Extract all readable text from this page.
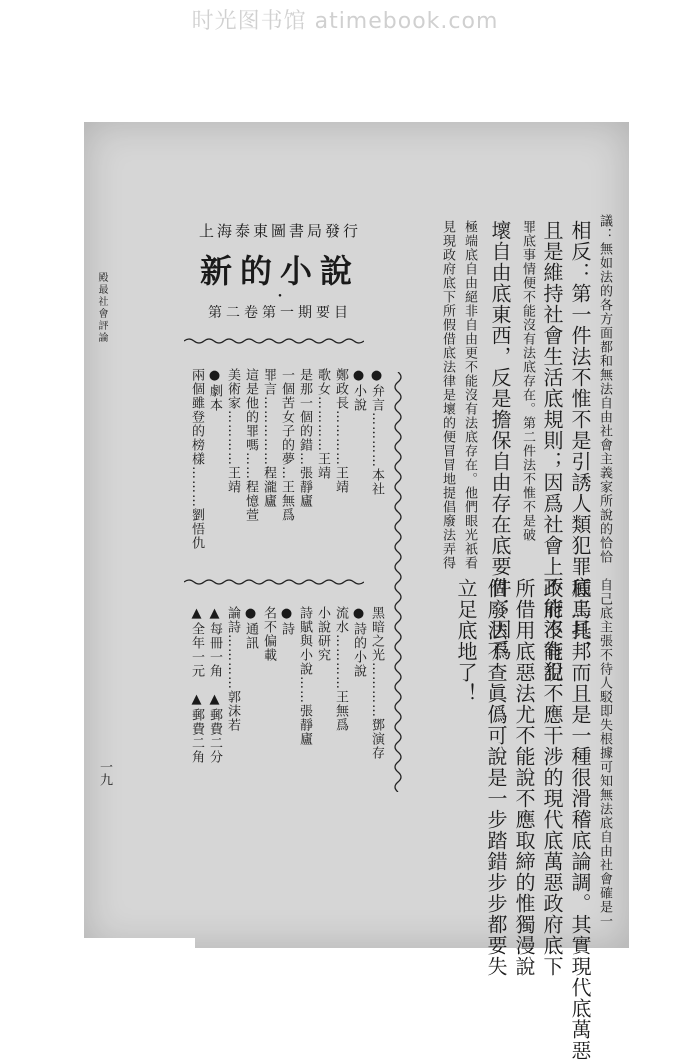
时光图书馆 atimebook.com
殿最社會評論
一九
議：無如法的各方面都和無法自由社會主義家所說的恰恰
相反：第一件法不惟不是引誘人類犯罪底工具，
且是維持社會生活底規則；因爲社會上不能沒有犯
罪底事情便不能沒有法底存在。第二件法不惟不是破
壞自由底東西，反是擔保自由存在底要件；因爲
極端底自由絕非自由更不能沒有法底存在。他們眼光祇看
見現政府底下所假借底法律是壞的便冒冒地提倡廢法弄得
自己底主張不待人駁即失根據可知無法底自由社會確是一
種烏托邦而且是一種很滑稽底論調。其實現代底萬惡
政府不能說不應干涉的現代底萬惡政府底下
所借用底惡法尤不能說不應取締的惟獨漫說
個廢法不查眞僞可說是一步踏錯步步都要失
立足底地了！
上海泰東圖書局發行
新的小說
・
第二卷第一期要目
●弁言…………本社
●小說
鄭政長…………王靖
歌女…………王靖
是那一個的錯…張靜廬
一個苦女子的夢…王無爲
罪言……………程瀧廬
這是他的罪嗎……程憶萱
美術家…………王靖
●劇本
兩個雖登的榜樣………劉悟仇
黑暗之光…………鄧演存
●詩的小說
流水…………王無爲
小說研究
詩賦與小說……張靜廬
●詩
名不偏載
●通訊
論詩…………郭沫若
▲每冊一角　▲郵費二分
▲全年一元　▲郵費二角
